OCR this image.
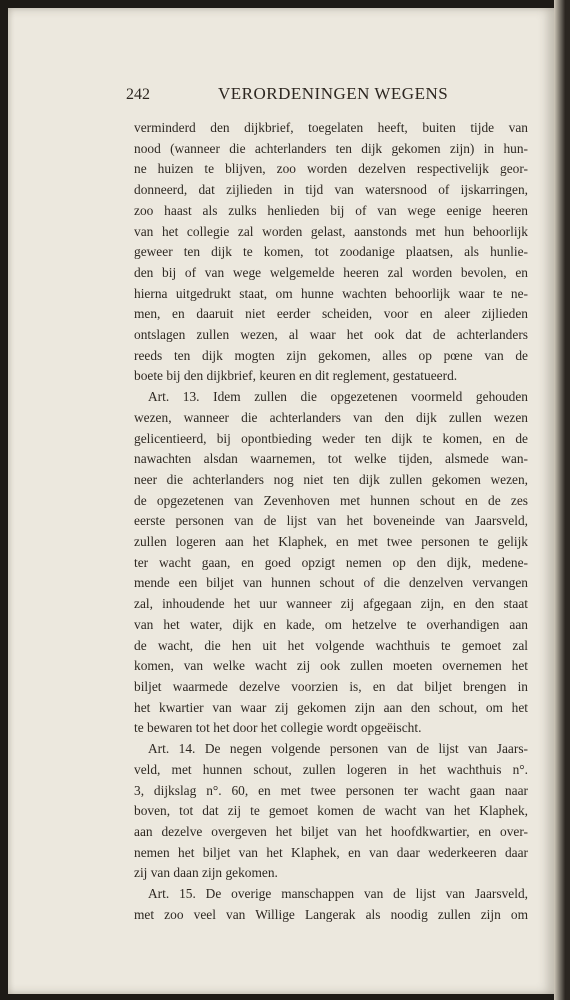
242	VERORDENINGEN WEGENS
verminderd den dijkbrief, toegelaten heeft, buiten tijde van
nood (wanneer die achterlanders ten dijk gekomen zijn) in hun-
ne huizen te blijven, zoo worden dezelven respectivelijk geor-
donneerd, dat zijlieden in tijd van watersnood of ijskarringen,
zoo haast als zulks henlieden bij of van wege eenige heeren
van het collegie zal worden gelast, aanstonds met hun behoorlijk
geweer ten dijk te komen, tot zoodanige plaatsen, als hunlie-
den bij of van wege welgemelde heeren zal worden bevolen, en
hierna uitgedrukt staat, om hunne wachten behoorlijk waar te ne-
men, en daaruit niet eerder scheiden, voor en aleer zijlieden
ontslagen zullen wezen, al waar het ook dat de achterlanders
reeds ten dijk mogten zijn gekomen, alles op pœne van de
boete bij den dijkbrief, keuren en dit reglement, gestatueerd.
Art. 13. Idem zullen die opgezetenen voormeld gehouden
wezen, wanneer die achterlanders van den dijk zullen wezen
gelicentieerd, bij opontbieding weder ten dijk te komen, en de
nawachten alsdan waarnemen, tot welke tijden, alsmede wan-
neer die achterlanders nog niet ten dijk zullen gekomen wezen,
de opgezetenen van Zevenhoven met hunnen schout en de zes
eerste personen van de lijst van het boveneinde van Jaarsveld,
zullen logeren aan het Klaphek, en met twee personen te gelijk
ter wacht gaan, en goed opzigt nemen op den dijk, medene-
mende een biljet van hunnen schout of die denzelven vervangen
zal, inhoudende het uur wanneer zij afgegaan zijn, en den staat
van het water, dijk en kade, om hetzelve te overhandigen aan
de wacht, die hen uit het volgende wachthuis te gemoet zal
komen, van welke wacht zij ook zullen moeten overnemen het
biljet waarmede dezelve voorzien is, en dat biljet brengen in
het kwartier van waar zij gekomen zijn aan den schout, om het
te bewaren tot het door het collegie wordt opgeëischt.
Art. 14. De negen volgende personen van de lijst van Jaars-
veld, met hunnen schout, zullen logeren in het wachthuis n°.
3, dijkslag n°. 60, en met twee personen ter wacht gaan naar
boven, tot dat zij te gemoet komen de wacht van het Klaphek,
aan dezelve overgeven het biljet van het hoofdkwartier, en over-
nemen het biljet van het Klaphek, en van daar wederkeeren daar
zij van daan zijn gekomen.
Art. 15. De overige manschappen van de lijst van Jaarsveld,
met zoo veel van Willige Langerak als noodig zullen zijn om
